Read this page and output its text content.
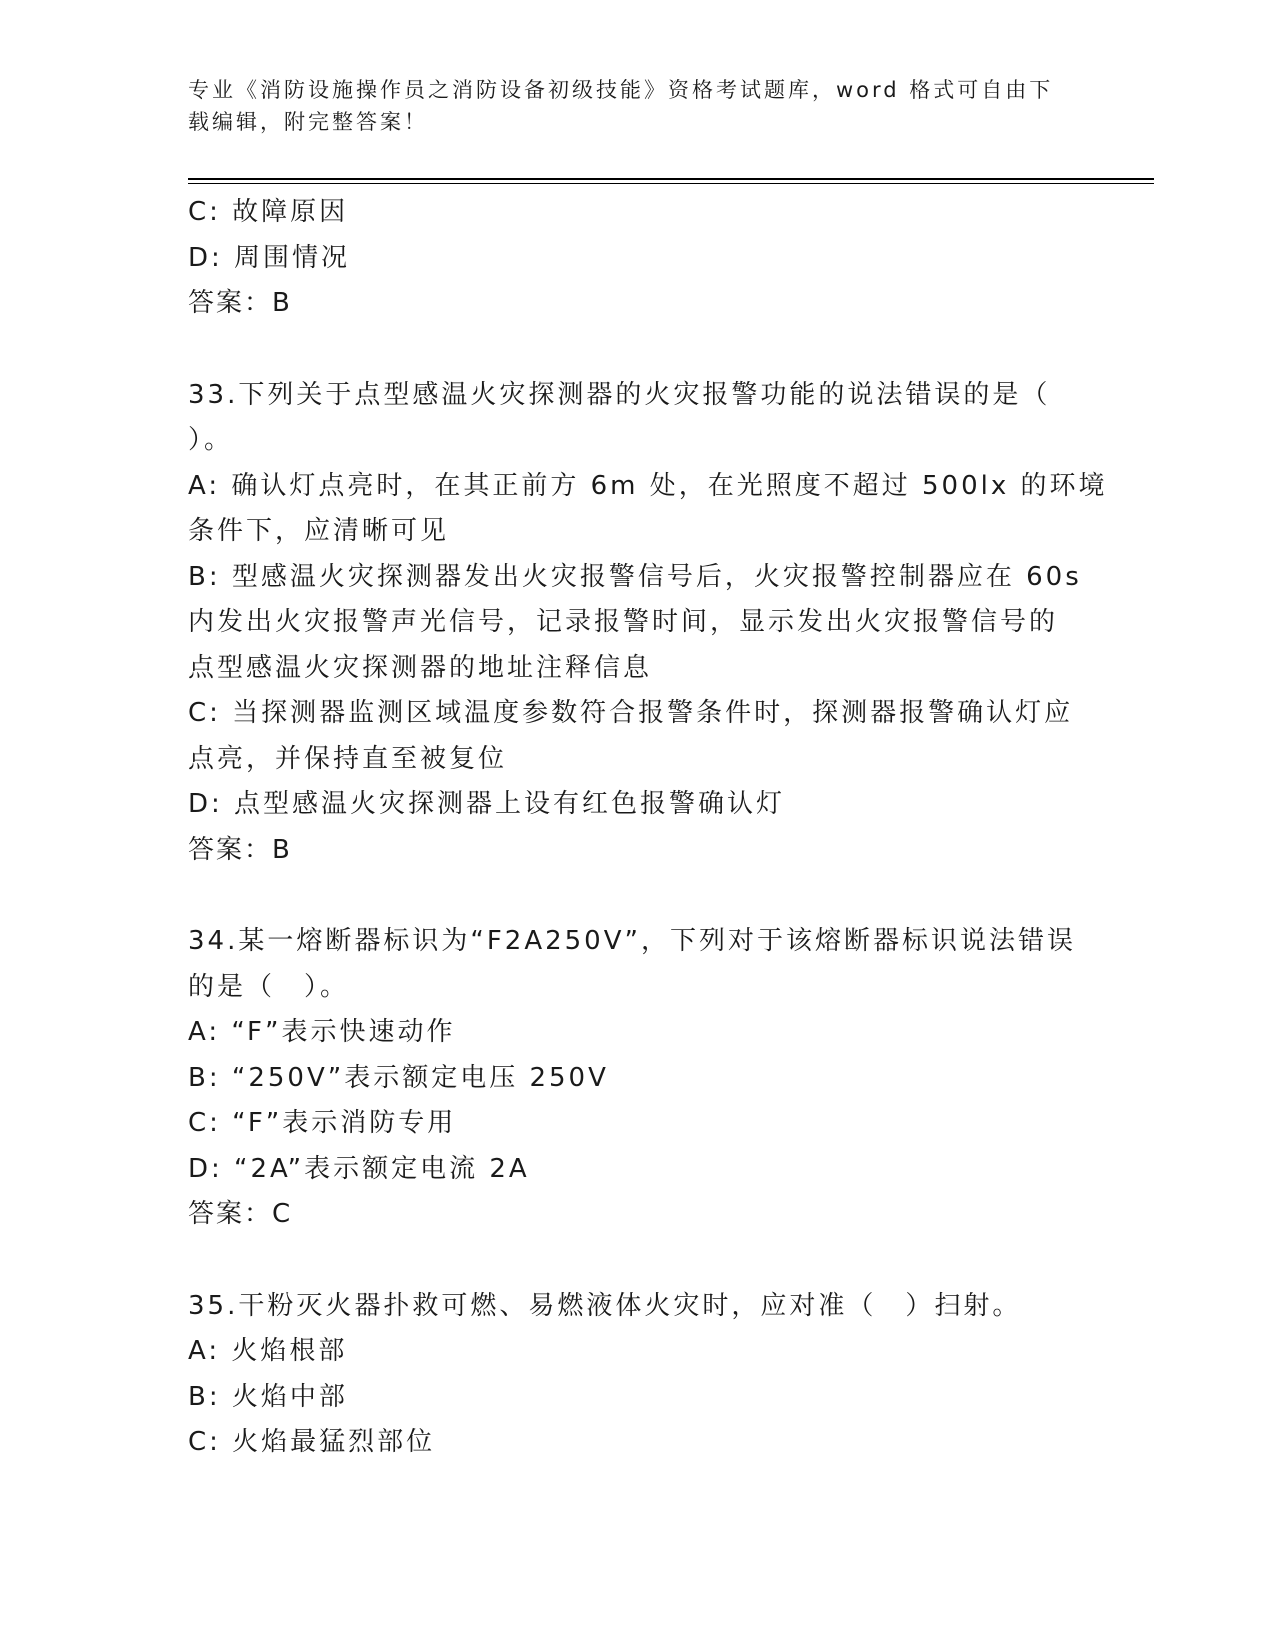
专业《消防设施操作员之消防设备初级技能》资格考试题库，word 格式可自由下
载编辑，附完整答案！
C: 故障原因
D: 周围情况
答案：B
33.下列关于点型感温火灾探测器的火灾报警功能的说法错误的是（
）。
A: 确认灯点亮时，在其正前方 6m 处，在光照度不超过 500lx 的环境
条件下，应清晰可见
B: 型感温火灾探测器发出火灾报警信号后，火灾报警控制器应在 60s
内发出火灾报警声光信号，记录报警时间，显示发出火灾报警信号的
点型感温火灾探测器的地址注释信息
C: 当探测器监测区域温度参数符合报警条件时，探测器报警确认灯应
点亮，并保持直至被复位
D: 点型感温火灾探测器上设有红色报警确认灯
答案：B
34.某一熔断器标识为“F2A250V”，下列对于该熔断器标识说法错误
的是（　）。
A: “F”表示快速动作
B: “250V”表示额定电压 250V
C: “F”表示消防专用
D: “2A”表示额定电流 2A
答案：C
35.干粉灭火器扑救可燃、易燃液体火灾时，应对准（　）扫射。
A: 火焰根部
B: 火焰中部
C: 火焰最猛烈部位
